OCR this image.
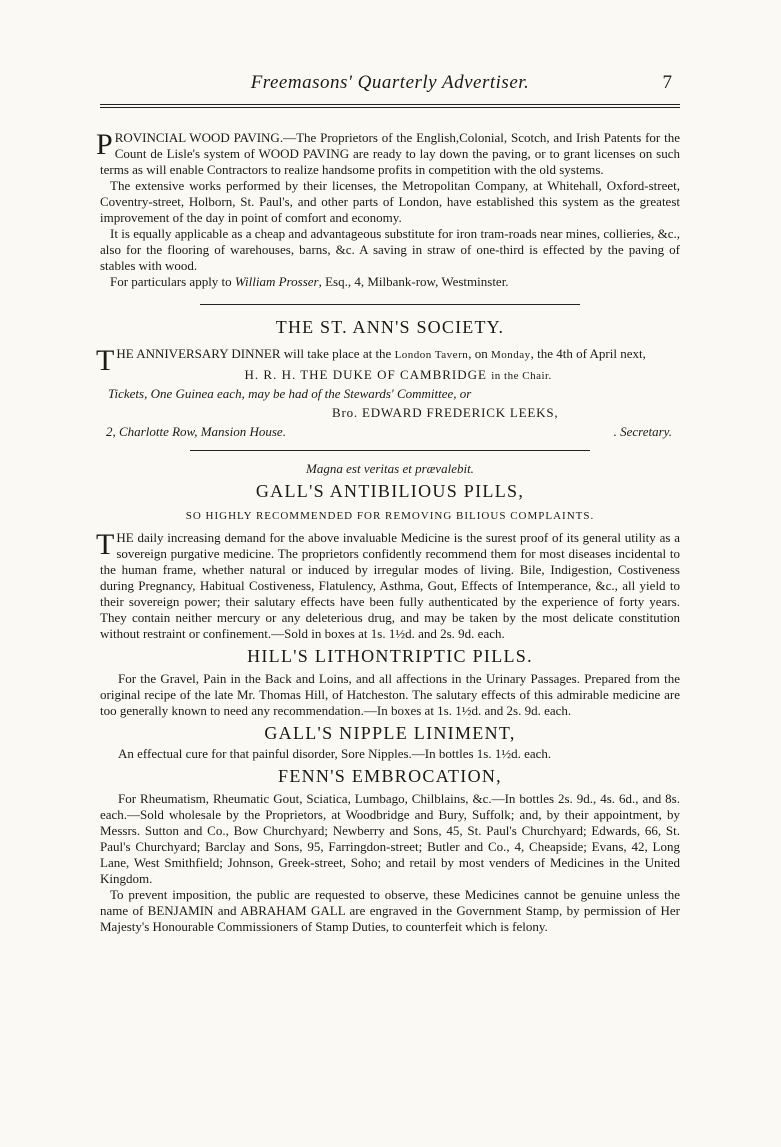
Freemasons' Quarterly Advertiser.	7

PROVINCIAL WOOD PAVING.—The Proprietors of the English,Colonial, Scotch, and Irish Patents for the Count de Lisle's system of WOOD PAVING are ready to lay down the paving, or to grant licenses on such terms as will enable Contractors to realize handsome profits in competition with the old systems.

The extensive works performed by their licenses, the Metropolitan Company, at Whitehall, Oxford-street, Coventry-street, Holborn, St. Paul's, and other parts of London, have established this system as the greatest improvement of the day in point of comfort and economy.

It is equally applicable as a cheap and advantageous substitute for iron tram-roads near mines, collieries, &c., also for the flooring of warehouses, barns, &c. A saving in straw of one-third is effected by the paving of stables with wood.

For particulars apply to William Prosser, Esq., 4, Milbank-row, Westminster.

THE ST. ANN'S SOCIETY.

THE ANNIVERSARY DINNER will take place at the London Tavern, on Monday, the 4th of April next,

H. R. H. THE DUKE OF CAMBRIDGE in the Chair.

Tickets, One Guinea each, may be had of the Stewards' Committee, or

Bro. EDWARD FREDERICK LEEKS,
2, Charlotte Row, Mansion House.	. Secretary.
Magna est veritas et prævalebit.
GALL'S ANTIBILIOUS PILLS,
SO HIGHLY RECOMMENDED FOR REMOVING BILIOUS COMPLAINTS.

THE daily increasing demand for the above invaluable Medicine is the surest proof of its general utility as a sovereign purgative medicine. The proprietors confidently recommend them for most diseases incidental to the human frame, whether natural or induced by irregular modes of living. Bile, Indigestion, Costiveness during Pregnancy, Habitual Costiveness, Flatulency, Asthma, Gout, Effects of Intemperance, &c., all yield to their sovereign power; their salutary effects have been fully authenticated by the experience of forty years. They contain neither mercury or any deleterious drug, and may be taken by the most delicate constitution without restraint or confinement.—Sold in boxes at 1s. 1½d. and 2s. 9d. each.

HILL'S LITHONTRIPTIC PILLS.

For the Gravel, Pain in the Back and Loins, and all affections in the Urinary Passages. Prepared from the original recipe of the late Mr. Thomas Hill, of Hatcheston. The salutary effects of this admirable medicine are too generally known to need any recommendation.—In boxes at 1s. 1½d. and 2s. 9d. each.

GALL'S NIPPLE LINIMENT,

An effectual cure for that painful disorder, Sore Nipples.—In bottles 1s. 1½d. each.

FENN'S EMBROCATION,

For Rheumatism, Rheumatic Gout, Sciatica, Lumbago, Chilblains, &c.—In bottles 2s. 9d., 4s. 6d., and 8s. each.—Sold wholesale by the Proprietors, at Woodbridge and Bury, Suffolk; and, by their appointment, by Messrs. Sutton and Co., Bow Churchyard; Newberry and Sons, 45, St. Paul's Churchyard; Edwards, 66, St. Paul's Churchyard; Barclay and Sons, 95, Farringdon-street; Butler and Co., 4, Cheapside; Evans, 42, Long Lane, West Smithfield; Johnson, Greek-street, Soho; and retail by most venders of Medicines in the United Kingdom.

To prevent imposition, the public are requested to observe, these Medicines cannot be genuine unless the name of BENJAMIN and ABRAHAM GALL are engraved in the Government Stamp, by permission of Her Majesty's Honourable Commissioners of Stamp Duties, to counterfeit which is felony.
